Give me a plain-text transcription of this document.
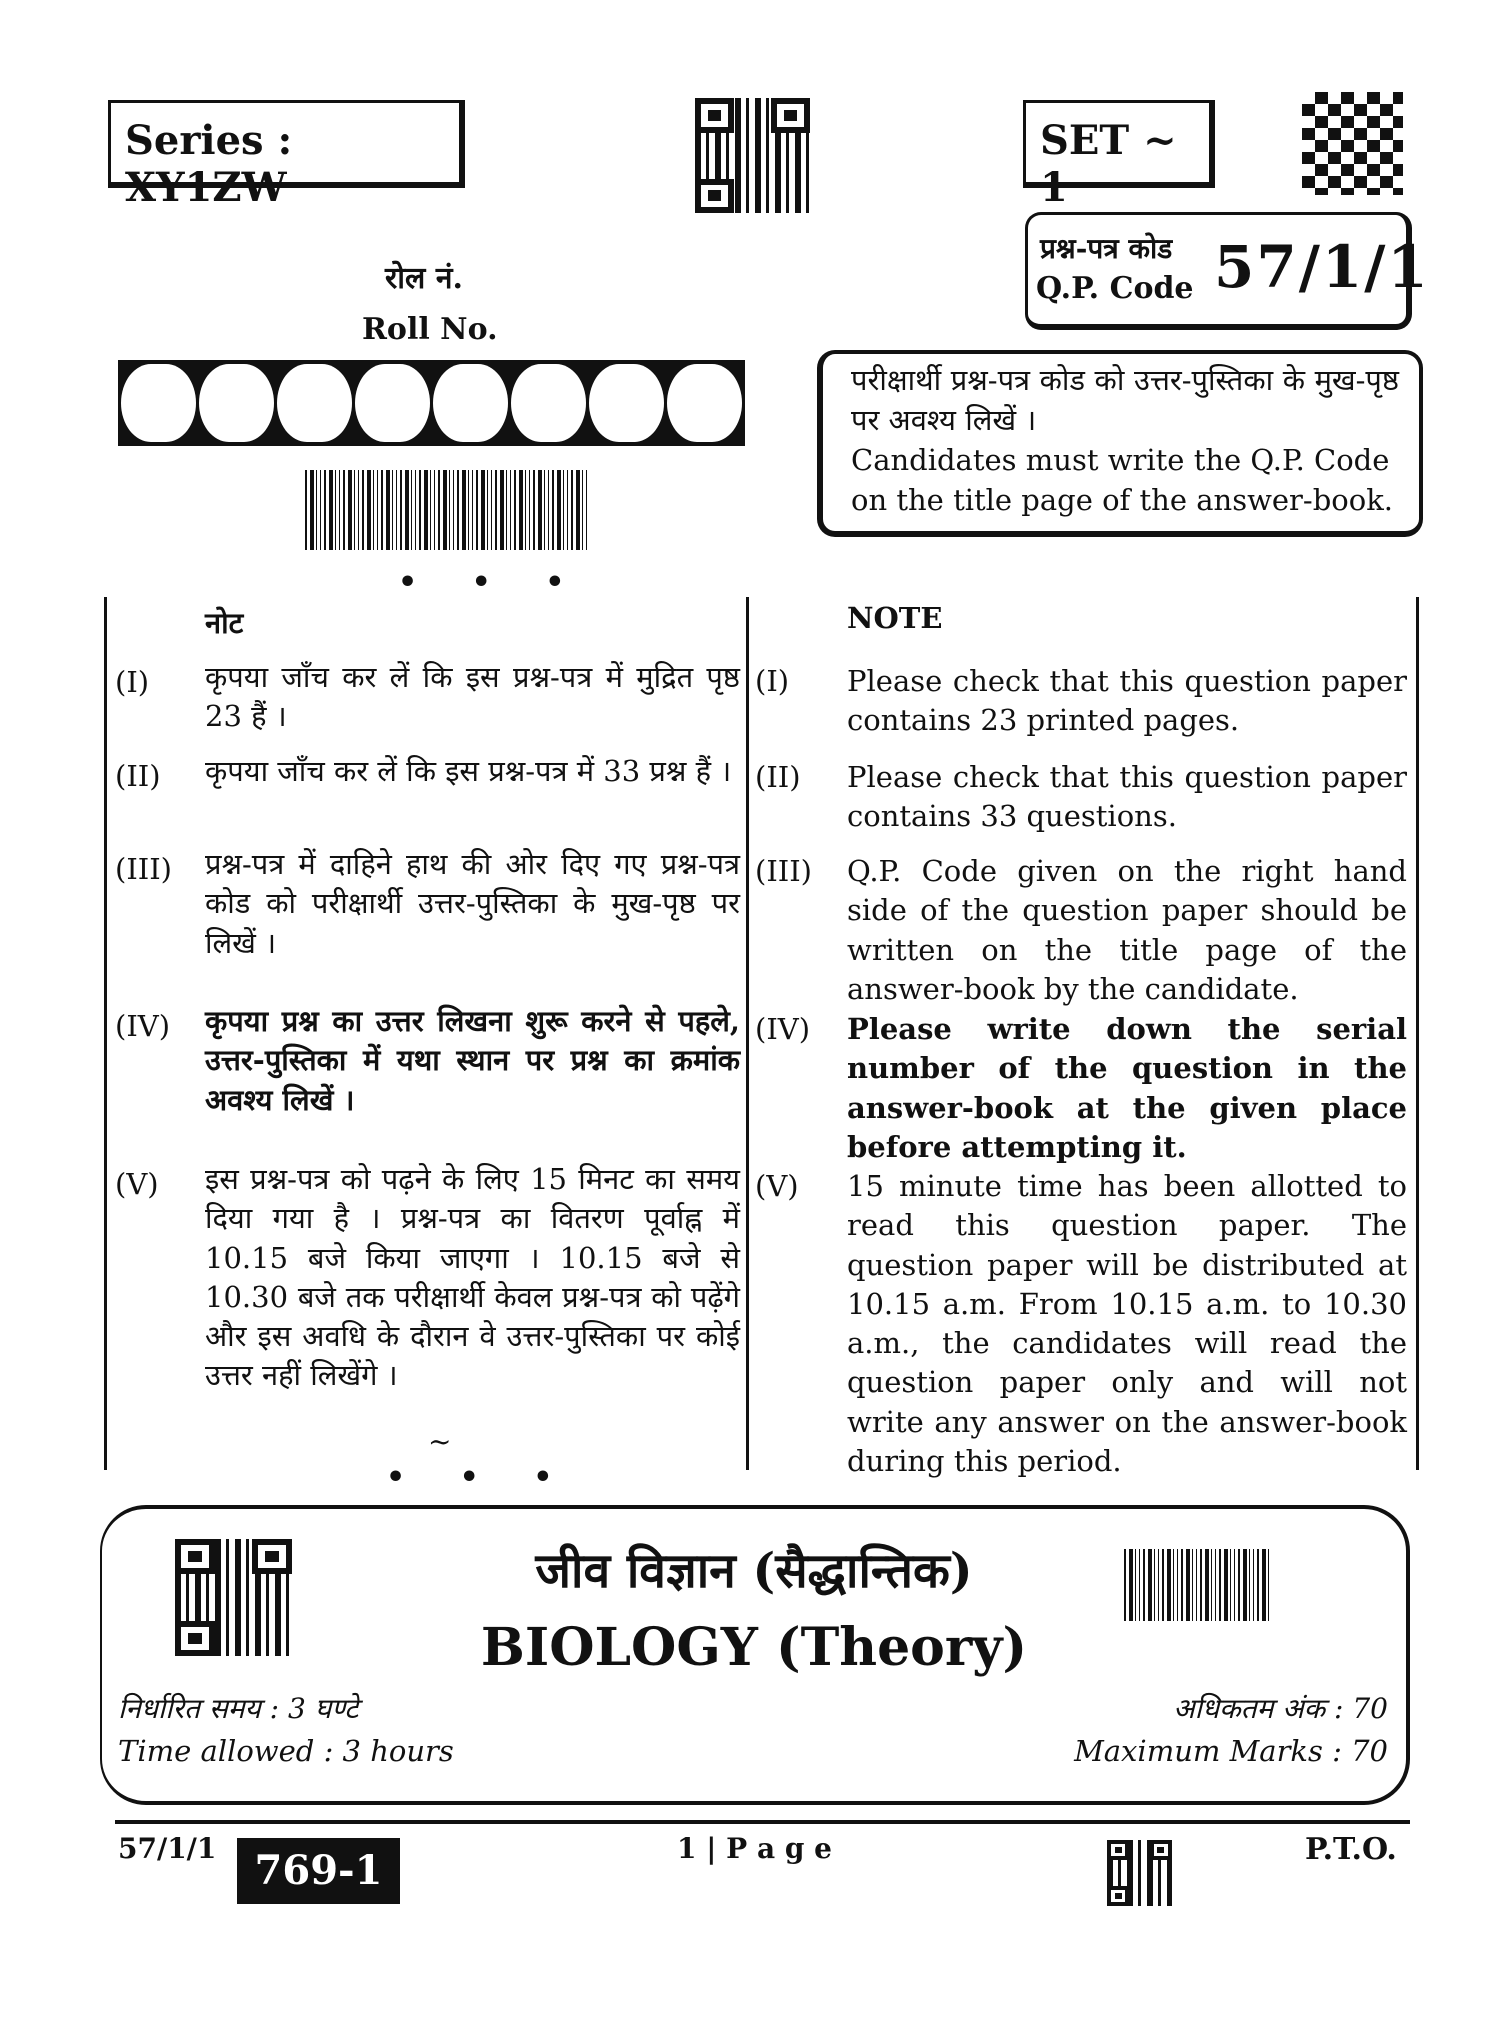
Series : XY1ZW
SET ~ 1
प्रश्न-पत्र कोड
Q.P. Code 57/1/1
रोल नं.
Roll No.
परीक्षार्थी प्रश्न-पत्र कोड को उत्तर-पुस्तिका के मुख-पृष्ठ पर अवश्य लिखें ।
Candidates must write the Q.P. Code on the title page of the answer-book.
• • •
नोट	NOTE
(I) कृपया जाँच कर लें कि इस प्रश्न-पत्र में मुद्रित पृष्ठ 23 हैं ।
(I) Please check that this question paper contains 23 printed pages.
(II) कृपया जाँच कर लें कि इस प्रश्न-पत्र में 33 प्रश्न हैं । (II) Please check that this question paper contains 33 questions.
(III) प्रश्न-पत्र में दाहिने हाथ की ओर दिए गए प्रश्न-पत्र कोड को परीक्षार्थी उत्तर-पुस्तिका के मुख-पृष्ठ पर लिखें ।
(III) Q.P. Code given on the right hand side of the question paper should be written on the title page of the answer-book by the candidate.
(IV) कृपया प्रश्न का उत्तर लिखना शुरू करने से पहले, उत्तर-पुस्तिका में यथा स्थान पर प्रश्न का क्रमांक अवश्य लिखें ।
(IV) Please write down the serial number of the question in the answer-book at the given place before attempting it.
(V) इस प्रश्न-पत्र को पढ़ने के लिए 15 मिनट का समय दिया गया है । प्रश्न-पत्र का वितरण पूर्वाह्न में 10.15 बजे किया जाएगा । 10.15 बजे से 10.30 बजे तक परीक्षार्थी केवल प्रश्न-पत्र को पढ़ेंगे और इस अवधि के दौरान वे उत्तर-पुस्तिका पर कोई उत्तर नहीं लिखेंगे ।
(V) 15 minute time has been allotted to read this question paper. The question paper will be distributed at 10.15 a.m. From 10.15 a.m. to 10.30 a.m., the candidates will read the question paper only and will not write any answer on the answer-book during this period.
~
• • •
जीव विज्ञान (सैद्धान्तिक)
BIOLOGY (Theory)
निर्धारित समय : 3 घण्टे
Time allowed : 3 hours
अधिकतम अंक : 70
Maximum Marks : 70
57/1/1 769-1	1 | P a g e	P.T.O.
